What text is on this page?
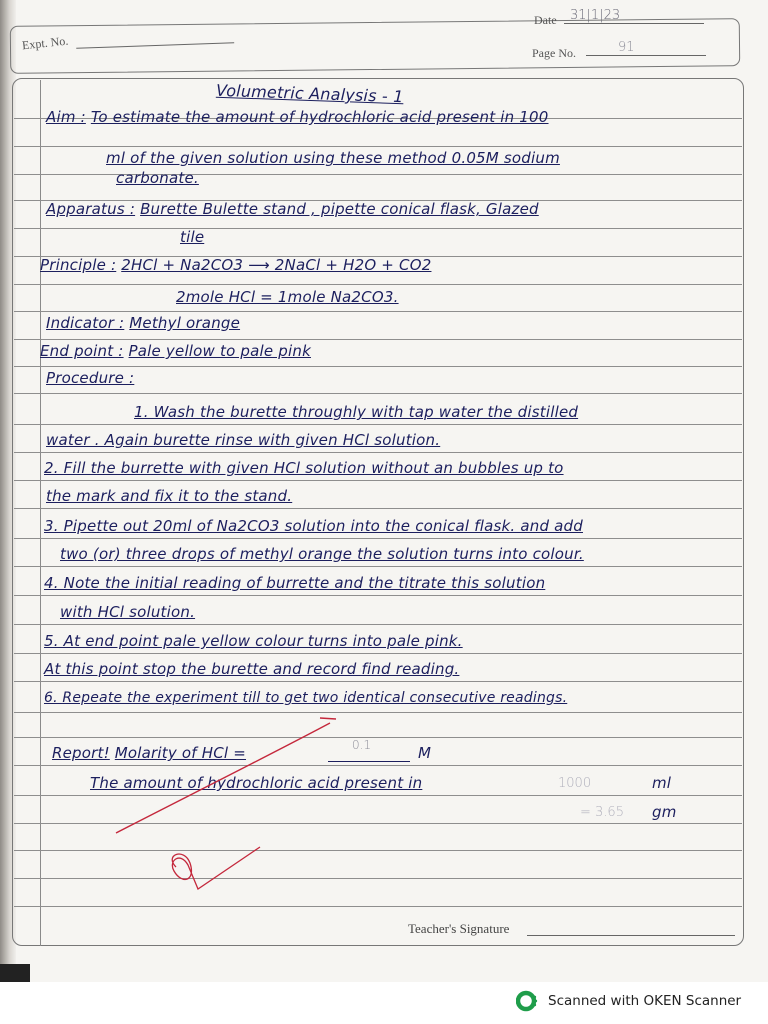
Expt. No.
Date 31|1|23
Page No.	91
Volumetric Analysis - 1
Aim : To estimate the amount of hydrochloric acid present in 100
ml of the given solution using these method 0.05M sodium
carbonate.
Apparatus : Burette Bulette stand , pipette conical flask, Glazed
tile
Principle : 2HCl + Na2CO3 ⟶ 2NaCl + H2O + CO2
2mole HCl = 1mole Na2CO3.
Indicator : Methyl orange
End point : Pale yellow to pale pink
Procedure :
1. Wash the burette throughly with tap water the distilled
water . Again burette rinse with given HCl solution.
2. Fill the burrette with given HCl solution without an bubbles up to
the mark and fix it to the stand.
3. Pipette out 20ml of Na2CO3 solution into the conical flask. and add
two (or) three drops of methyl orange the solution turns into colour.
4. Note the initial reading of burrette and the titrate this solution
with HCl solution.
5. At end point pale yellow colour turns into pale pink.
At this point stop the burette and record find reading.
6. Repeate the experiment till to get two identical consecutive readings.
Report! Molarity of HCl =	0.1	M
The amount of hydrochloric acid present in	1000	ml
= 3.65 gm
Teacher's Signature
Scanned with OKEN Scanner
